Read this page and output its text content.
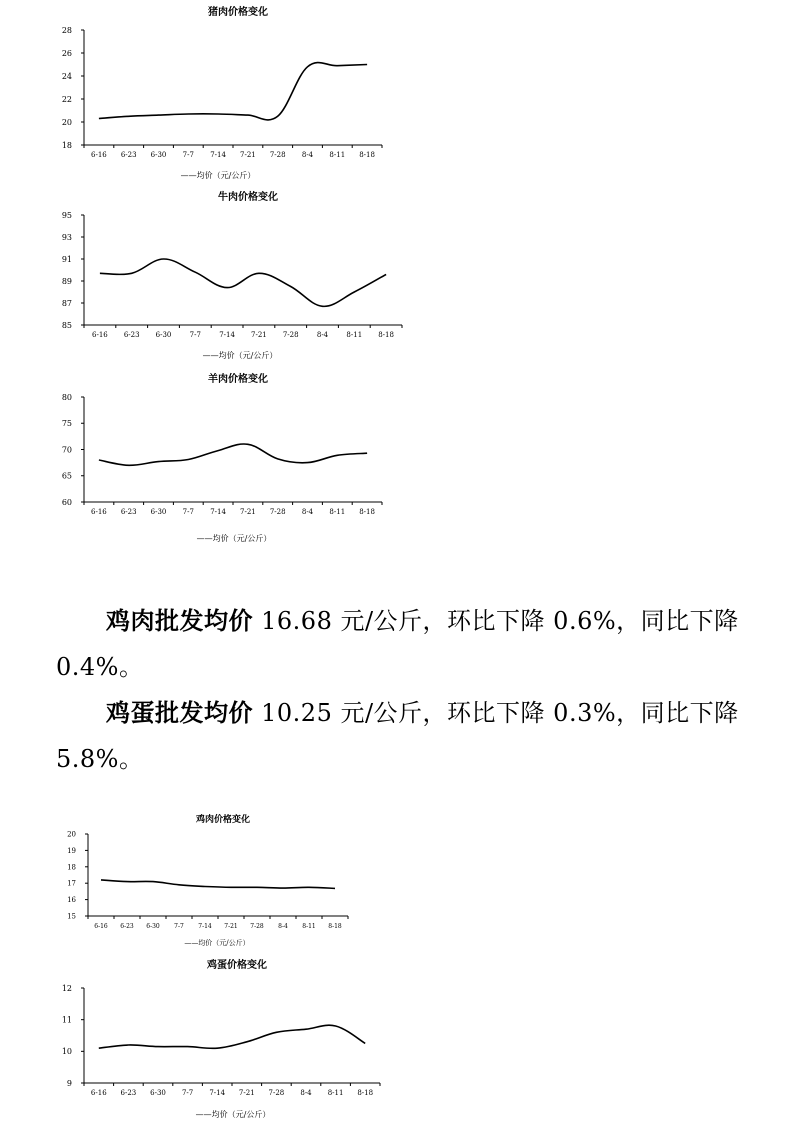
猪肉价格变化
18
20
22
24
26
28
6-16 6-23 6-30 7-7 7-14 7-21 7-28 8-4 8-11 8-18
——均价（元/公斤）
牛肉价格变化
85
87
89
91
93
95
6-16 6-23 6-30	7-7	7-14 7-21 7-28	8-4	8-11 8-18
——均价（元/公斤）
羊肉价格变化
60
65
70
75
80
6-16 6-23 6-30 7-7 7-14 7-21 7-28 8-4 8-11 8-18
——均价（元/公斤）
鸡肉批发均价 16.68 元/公斤，环比下降 0.6%，同比下降 0.4%。
鸡蛋批发均价 10.25 元/公斤，环比下降 0.3%，同比下降 5.8%。
鸡肉价格变化
15
16
17
18
19
20
6-16 6-23 6-30 7-7 7-14 7-21 7-28 8-4 8-11 8-18
——均价（元/公斤）
鸡蛋价格变化
9
10
11
12
6-16 6-23 6-30 7-7 7-14 7-21 7-28 8-4 8-11 8-18
——均价（元/公斤）
